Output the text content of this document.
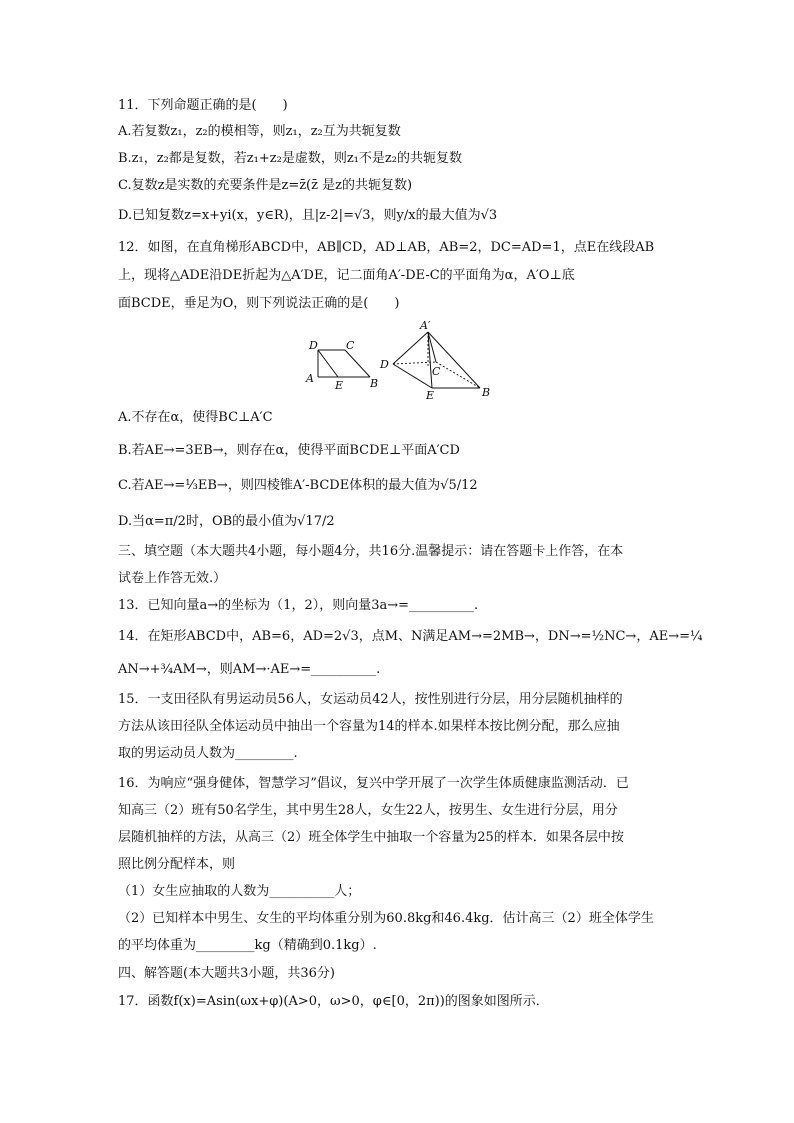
11．下列命题正确的是(　　)
A.若复数z₁，z₂的模相等，则z₁，z₂互为共轭复数
B.z₁，z₂都是复数，若z₁+z₂是虚数，则z₁不是z₂的共轭复数
C.复数z是实数的充要条件是z=z̄(z̄ 是z的共轭复数)
D.已知复数z=x+yi(x，y∈R)，且|z-2|=√3，则y/x的最大值为√3
12．如图，在直角梯形ABCD中，AB∥CD，AD⊥AB，AB=2，DC=AD=1，点E在线段AB
上，现将△ADE沿DE折起为△A′DE，记二面角A′-DE-C的平面角为α，A′O⊥底
面BCDE，垂足为O，则下列说法正确的是(　　)
D	C
A
E B
A′
D
C
E	B
A.不存在α，使得BC⊥A′C
B.若AE→=3EB→，则存在α，使得平面BCDE⊥平面A′CD
C.若AE→=⅓EB→，则四棱锥A′-BCDE体积的最大值为√5/12
D.当α=π/2时，OB的最小值为√17/2
三、填空题（本大题共4小题，每小题4分，共16分.温馨提示：请在答题卡上作答，在本
试卷上作答无效.）
13．已知向量a→的坐标为（1，2），则向量3a→=__________.
14．在矩形ABCD中，AB=6，AD=2√3，点M、N满足AM→=2MB→，DN→=½NC→，AE→=¼
AN→+¾AM→，则AM→·AE→=__________.
15．一支田径队有男运动员56人，女运动员42人，按性别进行分层，用分层随机抽样的
方法从该田径队全体运动员中抽出一个容量为14的样本.如果样本按比例分配，那么应抽
取的男运动员人数为_________.
16．为响应“强身健体，智慧学习”倡议，复兴中学开展了一次学生体质健康监测活动．已
知高三（2）班有50名学生，其中男生28人，女生22人，按男生、女生进行分层，用分
层随机抽样的方法，从高三（2）班全体学生中抽取一个容量为25的样本．如果各层中按
照比例分配样本，则
（1）女生应抽取的人数为__________人；
（2）已知样本中男生、女生的平均体重分别为60.8kg和46.4kg．估计高三（2）班全体学生
的平均体重为_________kg（精确到0.1kg）.
四、解答题(本大题共3小题，共36分)
17．函数f(x)=Asin(ωx+φ)(A>0，ω>0，φ∈[0，2π))的图象如图所示．
